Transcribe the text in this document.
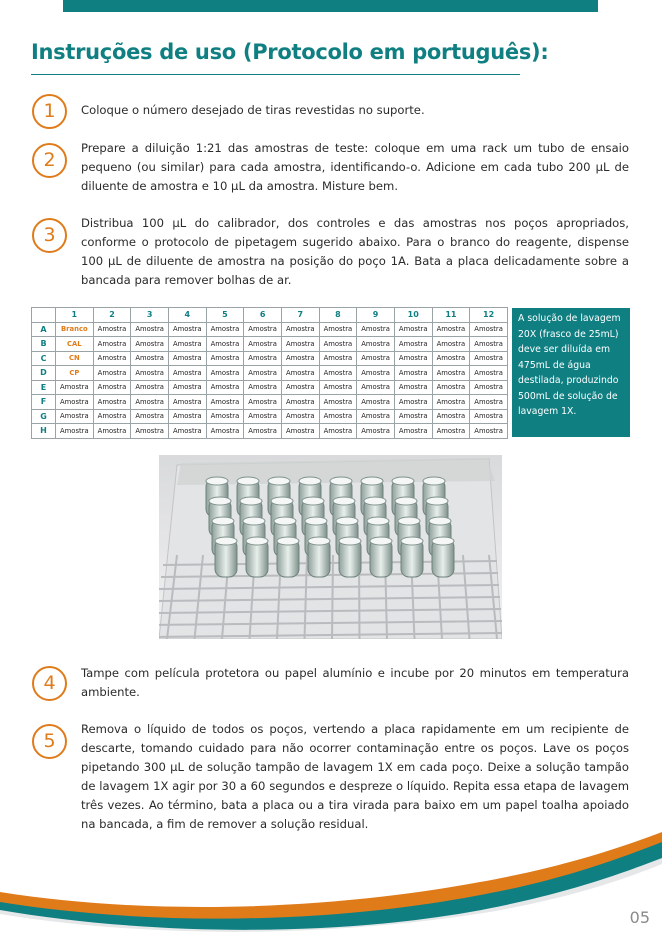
Instruções de uso (Protocolo em português):
1	Coloque o número desejado de tiras revestidas no suporte.

2

Prepare a diluição 1:21 das amostras de teste: coloque em uma rack um tubo de ensaio pequeno (ou similar) para cada amostra, identificando-o. Adicione em cada tubo 200 µL de diluente de amostra e 10 µL da amostra. Misture bem.

3

Distribua 100 µL do calibrador, dos controles e das amostras nos poços apropriados, conforme o protocolo de pipetagem sugerido abaixo. Para o branco do reagente, dispense 100 µL de diluente de amostra na posição do poço 1A. Bata a placa delicadamente sobre a bancada para remover bolhas de ar.

	1	2	3	4	5	6	7	8	9	10	11	12
A	Branco	Amostra	Amostra	Amostra	Amostra	Amostra	Amostra	Amostra	Amostra	Amostra	Amostra	Amostra
B	CAL	Amostra	Amostra	Amostra	Amostra	Amostra	Amostra	Amostra	Amostra	Amostra	Amostra	Amostra
C	CN	Amostra	Amostra	Amostra	Amostra	Amostra	Amostra	Amostra	Amostra	Amostra	Amostra	Amostra
D	CP	Amostra	Amostra	Amostra	Amostra	Amostra	Amostra	Amostra	Amostra	Amostra	Amostra	Amostra
E	Amostra	Amostra	Amostra	Amostra	Amostra	Amostra	Amostra	Amostra	Amostra	Amostra	Amostra	Amostra
F	Amostra	Amostra	Amostra	Amostra	Amostra	Amostra	Amostra	Amostra	Amostra	Amostra	Amostra	Amostra
G	Amostra	Amostra	Amostra	Amostra	Amostra	Amostra	Amostra	Amostra	Amostra	Amostra	Amostra	Amostra
H	Amostra	Amostra	Amostra	Amostra	Amostra	Amostra	Amostra	Amostra	Amostra	Amostra	Amostra	Amostra
A solução de lavagem 20X (frasco de 25mL) deve ser diluída em 475mL de água destilada, produzindo 500mL de solução de lavagem 1X.
4	Tampe com película protetora ou papel alumínio e incube por 20 minutos em temperatura ambiente.

5

Remova o líquido de todos os poços, vertendo a placa rapidamente em um recipiente de descarte, tomando cuidado para não ocorrer contaminação entre os poços. Lave os poços pipetando 300 µL de solução tampão de lavagem 1X em cada poço. Deixe a solução tampão de lavagem 1X agir por 30 a 60 segundos e despreze o líquido. Repita essa etapa de lavagem três vezes. Ao término, bata a placa ou a tira virada para baixo em um papel toalha apoiado na bancada, a fim de remover a solução residual.

05
